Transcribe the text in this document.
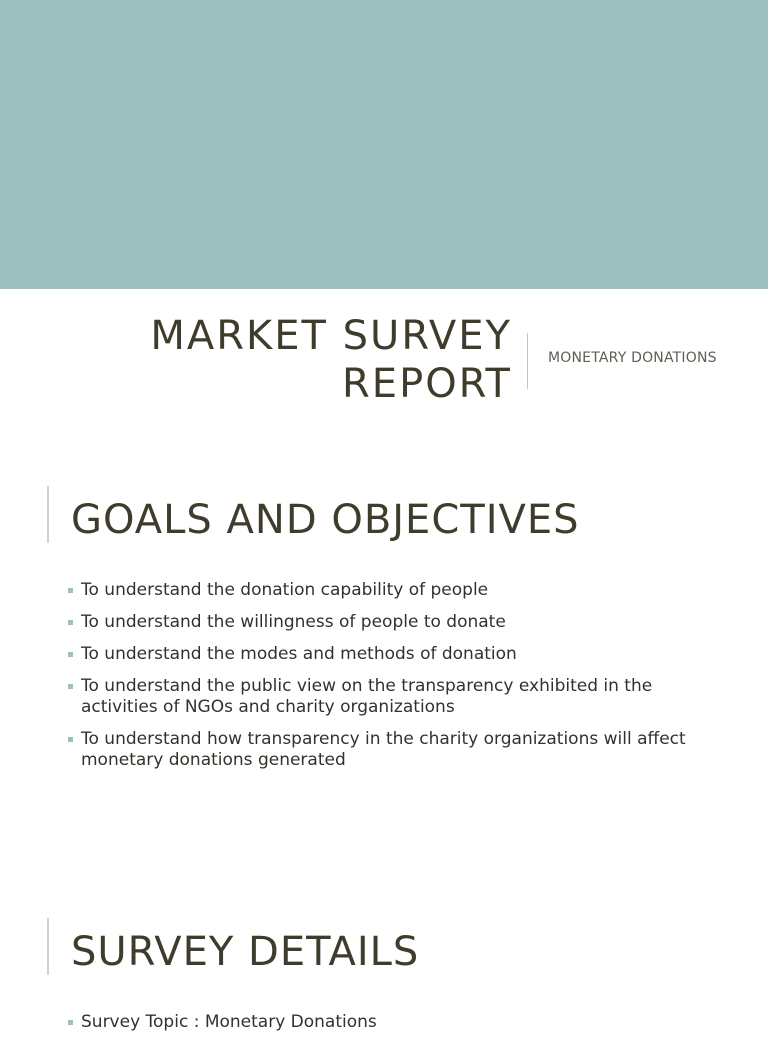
MARKET SURVEY
REPORT

MONETARY DONATIONS

GOALS AND OBJECTIVES
To understand the donation capability of people
To understand the willingness of people to donate
To understand the modes and methods of donation
To understand the public view on the transparency exhibited in the activities of NGOs and charity organizations
To understand how transparency in the charity organizations will affect monetary donations generated
SURVEY DETAILS
Survey Topic : Monetary Donations
